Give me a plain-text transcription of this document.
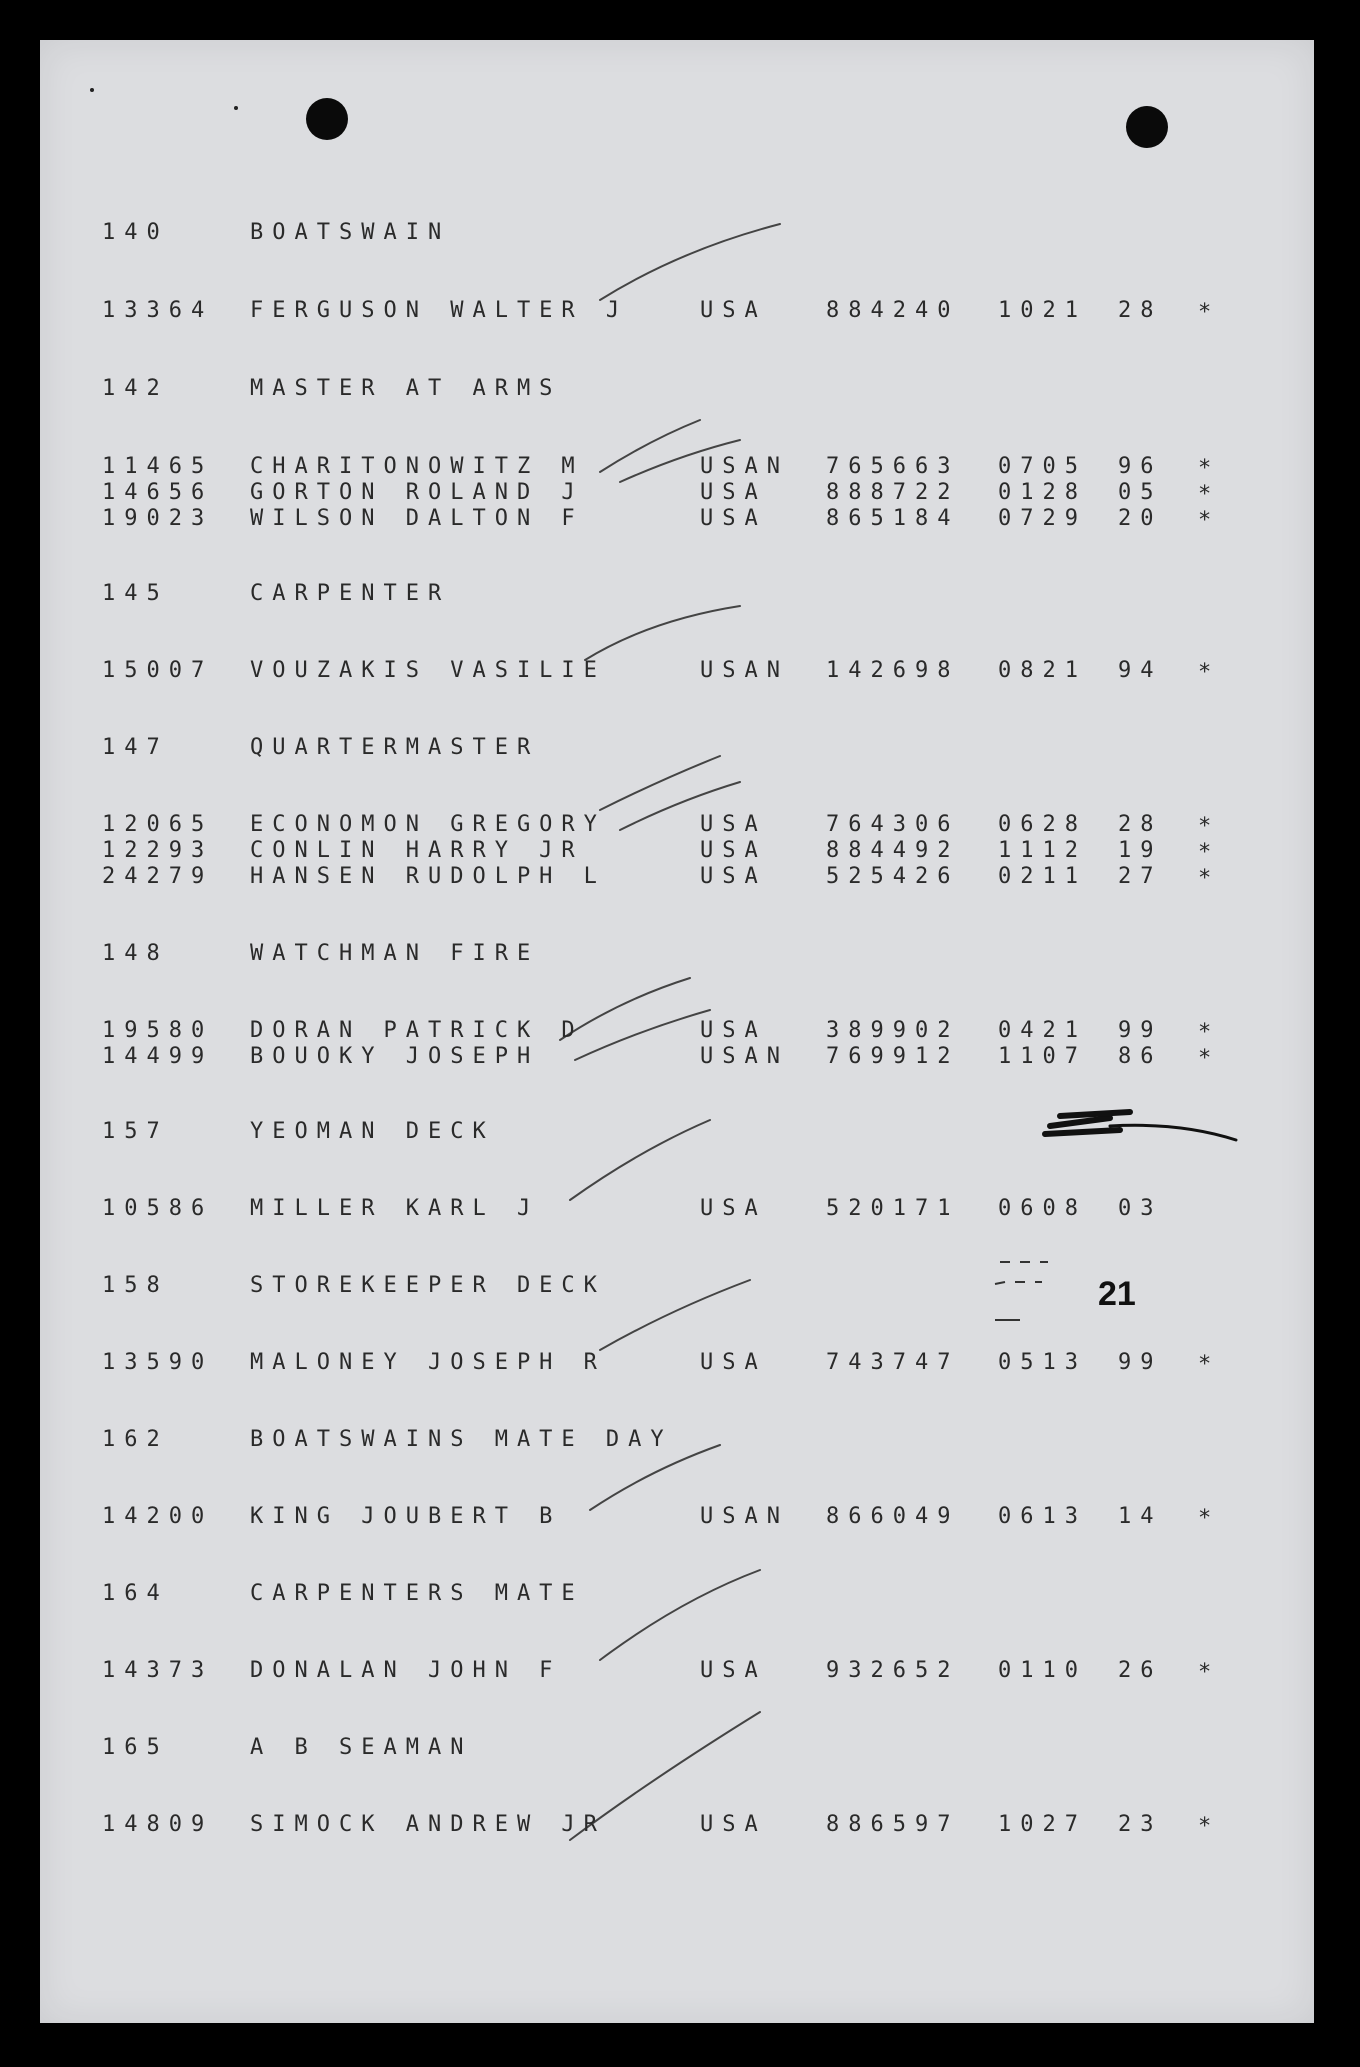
21
140	BOATSWAIN
13364 FERGUSON WALTER J	USA	884240 1021 28 *
142	MASTER AT ARMS
11465 CHARITONOWITZ M	USAN 765663 0705 96 *
14656 GORTON ROLAND J	USA	888722 0128 05 *
19023 WILSON DALTON F	USA	865184 0729 20 *
145	CARPENTER
15007 VOUZAKIS VASILIE	USAN 142698 0821 94 *
147	QUARTERMASTER
12065 ECONOMON GREGORY	USA	764306 0628 28 *
12293 CONLIN HARRY JR	USA	884492 1112 19 *
24279 HANSEN RUDOLPH L	USA	525426 0211 27 *
148	WATCHMAN FIRE
19580 DORAN PATRICK D	USA	389902 0421 99 *
14499 BOUOKY JOSEPH	USAN 769912 1107 86 *
157	YEOMAN DECK
10586 MILLER KARL J	USA	520171 0608 03
158	STOREKEEPER DECK
13590 MALONEY JOSEPH R	USA	743747 0513 99 *
162	BOATSWAINS MATE DAY
14200 KING JOUBERT B	USAN 866049 0613 14 *
164	CARPENTERS MATE
14373 DONALAN JOHN F	USA	932652 0110 26 *
165	A B SEAMAN
14809 SIMOCK ANDREW JR	USA	886597 1027 23 *
